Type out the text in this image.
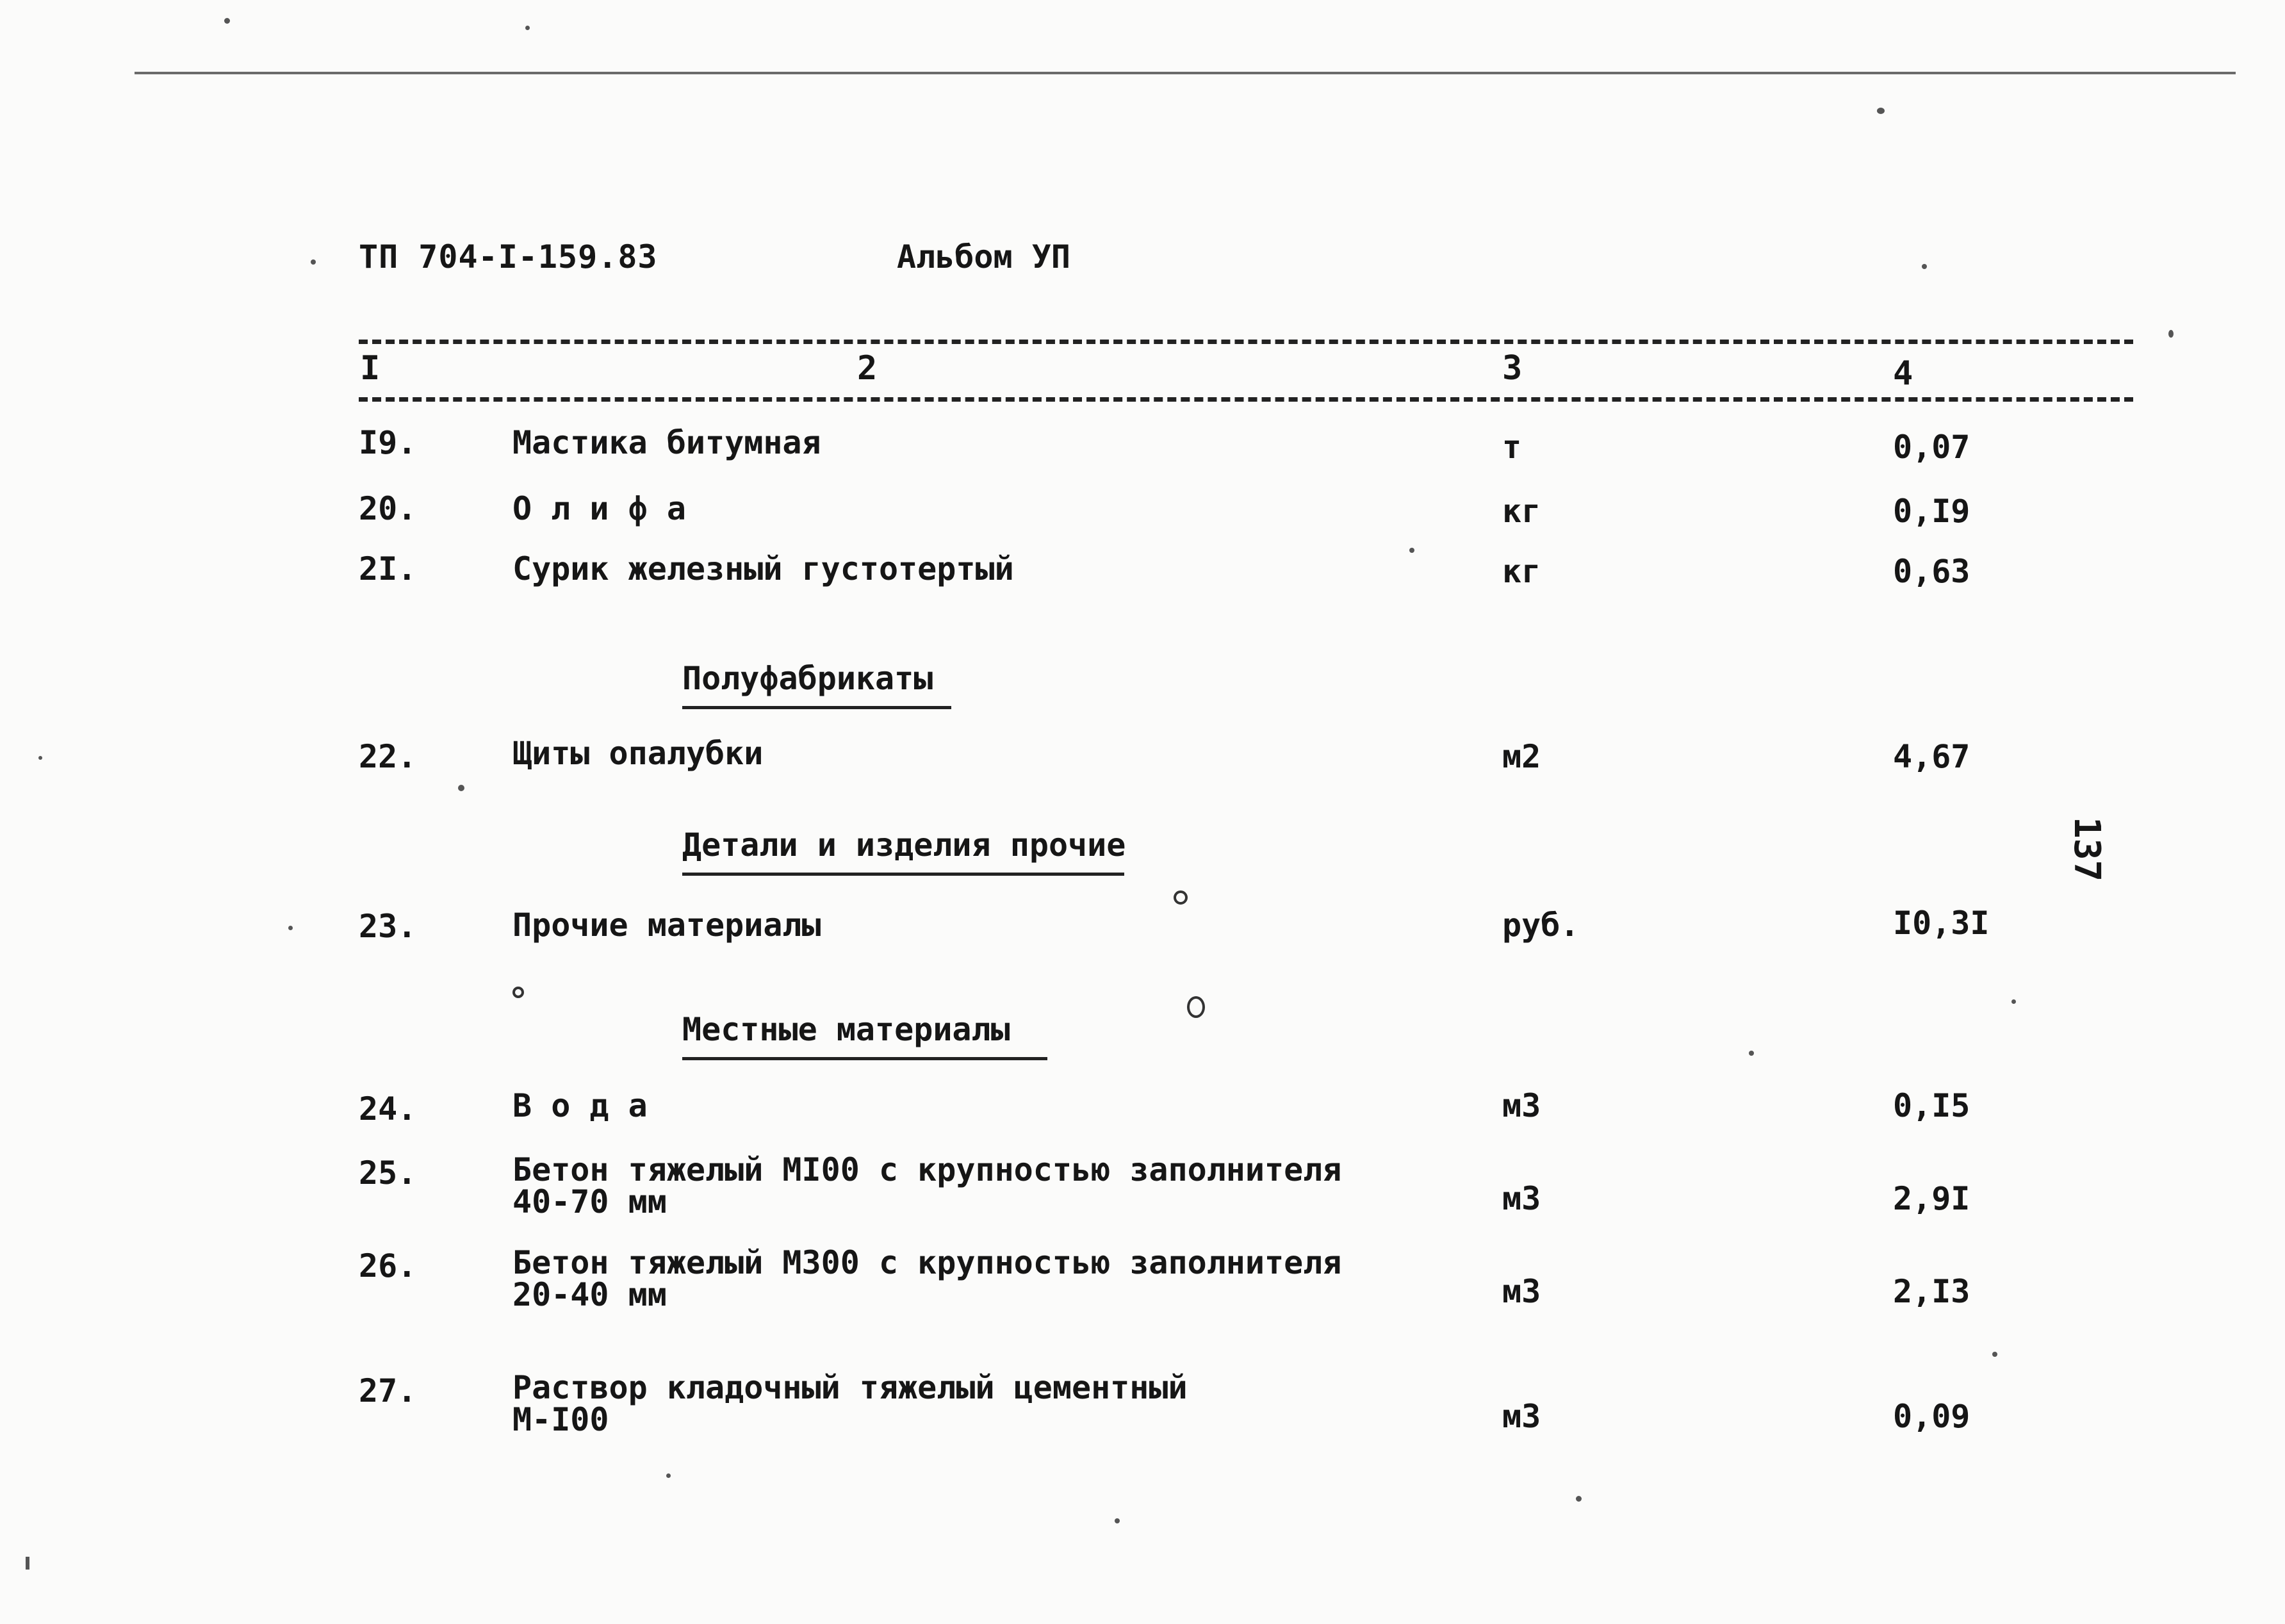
ТП 704-I-159.83	Альбом УП
I	2	3	4
I9.	Мастика битумная	т	0,07
20.	О л и ф а	кг	0,I9
2I.	Сурик железный густотертый	кг	0,63
Полуфабрикаты
22.	Щиты опалубки	м2	4,67
Детали и изделия прочие	137
23.	Прочие материалы	руб.	I0,3I
Местные материалы
24.	В о д а	м3	0,I5
25.	Бетон тяжелый МI00 с крупностью заполнителя
40-70 мм	м3	2,9I
26.	Бетон тяжелый М300 с крупностью заполнителя
20-40 мм	м3	2,I3
27.	Раствор кладочный тяжелый цементный
М-I00	м3	0,09
